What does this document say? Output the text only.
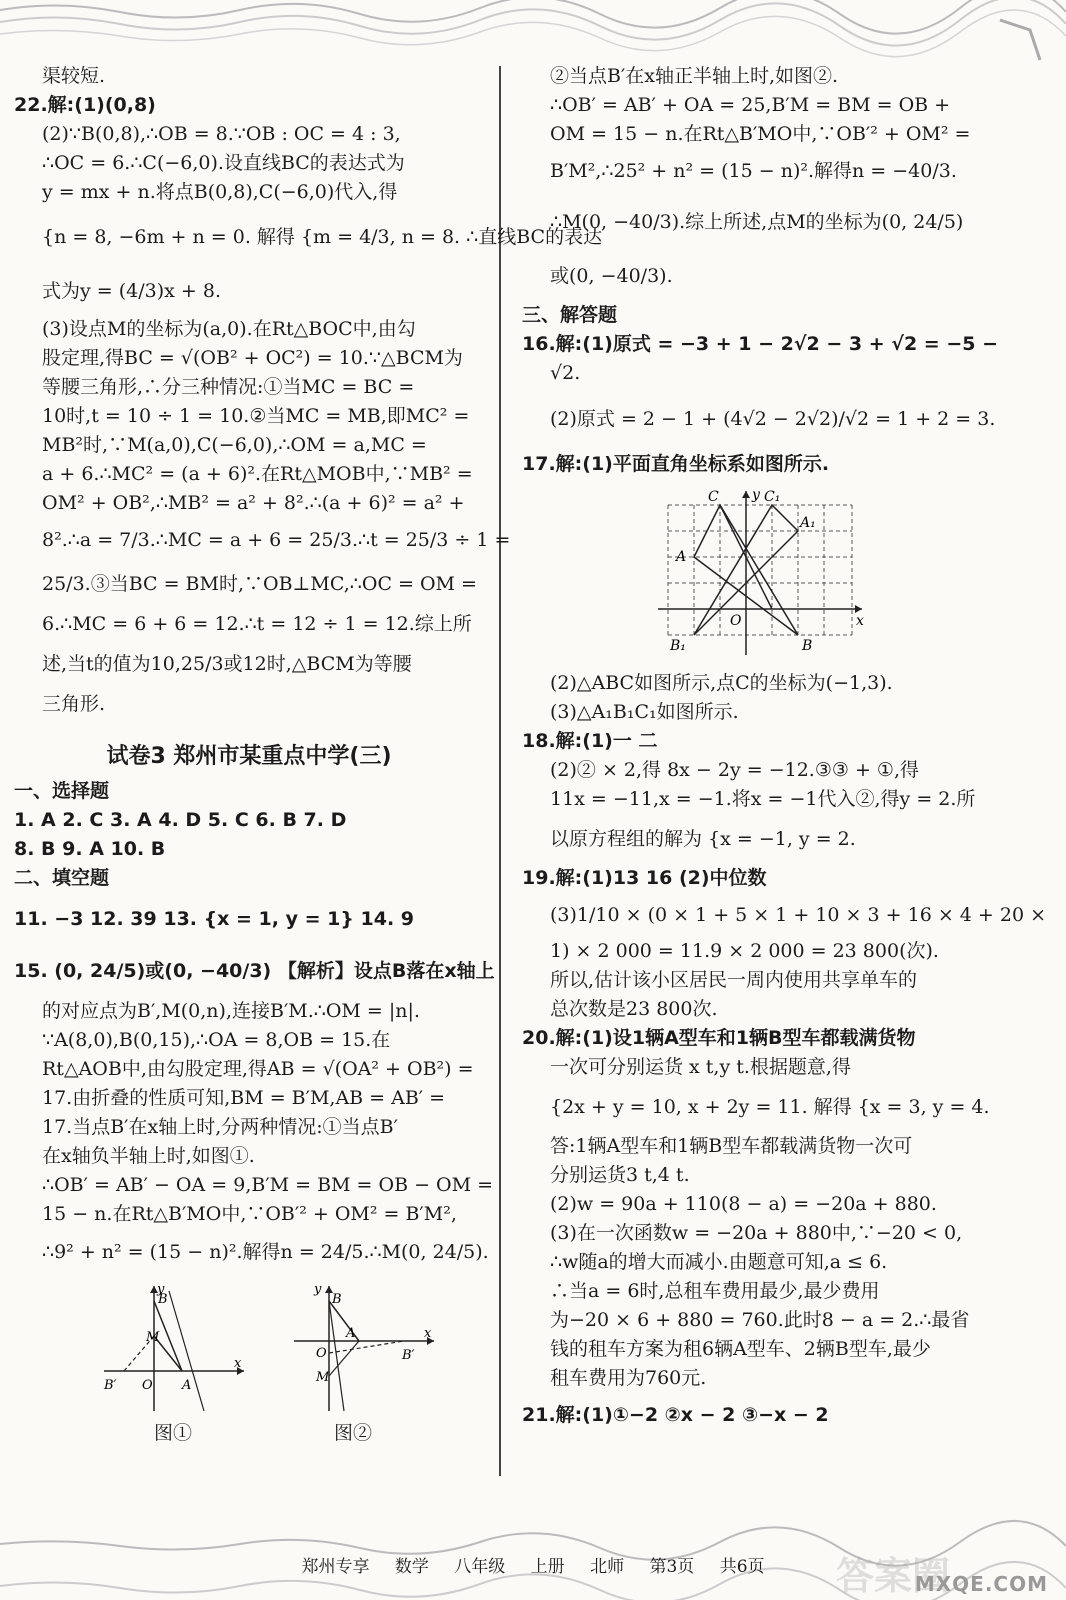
渠较短.
22.解:(1)(0,8)
(2)∵B(0,8),∴OB = 8.∵OB : OC = 4 : 3,
∴OC = 6.∴C(−6,0).设直线BC的表达式为
y = mx + n.将点B(0,8),C(−6,0)代入,得
{n = 8, −6m + n = 0. 解得 {m = 4/3, n = 8. ∴直线BC的表达
式为y = (4/3)x + 8.
(3)设点M的坐标为(a,0).在Rt△BOC中,由勾
股定理,得BC = √(OB² + OC²) = 10.∵△BCM为
等腰三角形,∴分三种情况:①当MC = BC =
10时,t = 10 ÷ 1 = 10.②当MC = MB,即MC² =
MB²时,∵M(a,0),C(−6,0),∴OM = a,MC =
a + 6.∴MC² = (a + 6)².在Rt△MOB中,∵MB² =
OM² + OB²,∴MB² = a² + 8².∴(a + 6)² = a² +
8².∴a = 7/3.∴MC = a + 6 = 25/3.∴t = 25/3 ÷ 1 =
25/3.③当BC = BM时,∵OB⊥MC,∴OC = OM =
6.∴MC = 6 + 6 = 12.∴t = 12 ÷ 1 = 12.综上所
述,当t的值为10,25/3或12时,△BCM为等腰
三角形.
试卷3 郑州市某重点中学(三)
一、选择题
1. A 2. C 3. A 4. D 5. C 6. B 7. D
8. B 9. A 10. B
二、填空题
11. −3 12. 39 13. {x = 1, y = 1} 14. 9
15. (0, 24/5)或(0, −40/3) 【解析】设点B落在x轴上
的对应点为B′,M(0,n),连接B′M.∴OM = |n|.
∵A(8,0),B(0,15),∴OA = 8,OB = 15.在
Rt△AOB中,由勾股定理,得AB = √(OA² + OB²) =
17.由折叠的性质可知,BM = B′M,AB = AB′ =
17.当点B′在x轴上时,分两种情况:①当点B′
在x轴负半轴上时,如图①.
∴OB′ = AB′ − OA = 9,B′M = BM = OB − OM =
15 − n.在Rt△B′MO中,∵OB′² + OM² = B′M²,
∴9² + n² = (15 − n)².解得n = 24/5.∴M(0, 24/5).
B
M
B′ O A
x
y
图①
B
A
B′
O
M
x
y
图②
②当点B′在x轴正半轴上时,如图②.
∴OB′ = AB′ + OA = 25,B′M = BM = OB +
OM = 15 − n.在Rt△B′MO中,∵OB′² + OM² =
B′M²,∴25² + n² = (15 − n)².解得n = −40/3.
∴M(0, −40/3).综上所述,点M的坐标为(0, 24/5)
或(0, −40/3).
三、解答题
16.解:(1)原式 = −3 + 1 − 2√2 − 3 + √2 = −5 −
√2.
(2)原式 = 2 − 1 + (4√2 − 2√2)/√2 = 1 + 2 = 3.
17.解:(1)平面直角坐标系如图所示.
C	C₁
A₁
A
O
B₁	B
x
y
(2)△ABC如图所示,点C的坐标为(−1,3).
(3)△A₁B₁C₁如图所示.
18.解:(1)一 二
(2)② × 2,得 8x − 2y = −12.③③ + ①,得
11x = −11,x = −1.将x = −1代入②,得y = 2.所
以原方程组的解为 {x = −1, y = 2.
19.解:(1)13 16 (2)中位数
(3)1/10 × (0 × 1 + 5 × 1 + 10 × 3 + 16 × 4 + 20 ×
1) × 2 000 = 11.9 × 2 000 = 23 800(次).
所以,估计该小区居民一周内使用共享单车的
总次数是23 800次.
20.解:(1)设1辆A型车和1辆B型车都载满货物
一次可分别运货 x t,y t.根据题意,得
{2x + y = 10, x + 2y = 11. 解得 {x = 3, y = 4.
答:1辆A型车和1辆B型车都载满货物一次可
分别运货3 t,4 t.
(2)w = 90a + 110(8 − a) = −20a + 880.
(3)在一次函数w = −20a + 880中,∵−20 < 0,
∴w随a的增大而减小.由题意可知,a ≤ 6.
∴当a = 6时,总租车费用最少,最少费用
为−20 × 6 + 880 = 760.此时8 − a = 2.∴最省
钱的租车方案为租6辆A型车、2辆B型车,最少
租车费用为760元.
21.解:(1)①−2 ②x − 2 ③−x − 2
郑州专享 数学 八年级 上册 北师 第3页 共6页	答案圈
MXQE.COM
